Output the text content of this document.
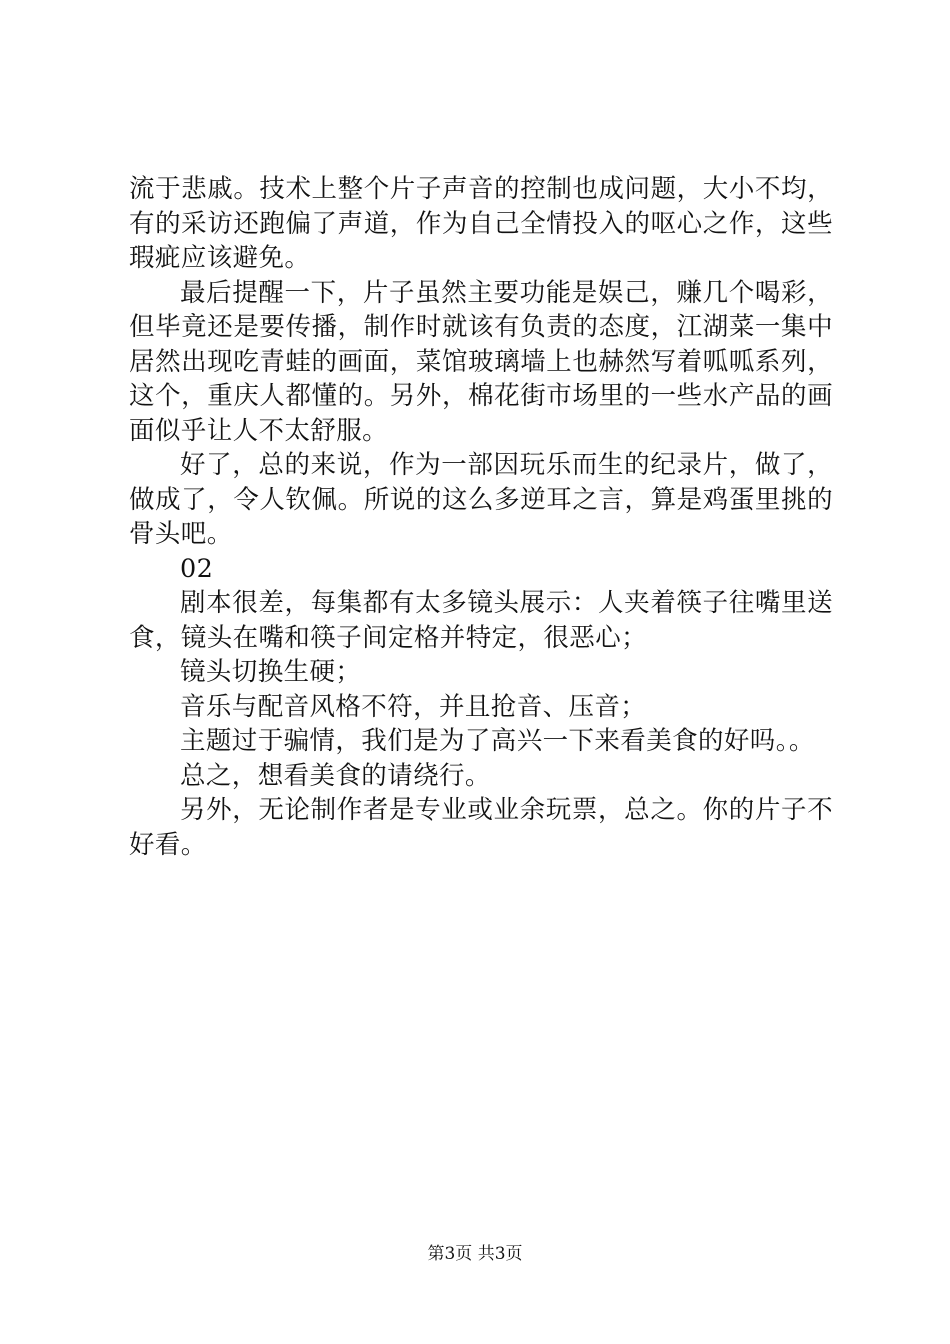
流于悲戚。技术上整个片子声音的控制也成问题，大小不均，有的采访还跑偏了声道，作为自己全情投入的呕心之作，这些瑕疵应该避免。

最后提醒一下，片子虽然主要功能是娱己，赚几个喝彩，但毕竟还是要传播，制作时就该有负责的态度，江湖菜一集中居然出现吃青蛙的画面，菜馆玻璃墙上也赫然写着呱呱系列，这个，重庆人都懂的。另外，棉花街市场里的一些水产品的画面似乎让人不太舒服。

好了，总的来说，作为一部因玩乐而生的纪录片，做了，做成了，令人钦佩。所说的这么多逆耳之言，算是鸡蛋里挑的骨头吧。

02

剧本很差，每集都有太多镜头展示：人夹着筷子往嘴里送食，镜头在嘴和筷子间定格并特定，很恶心；

镜头切换生硬；

音乐与配音风格不符，并且抢音、压音；

主题过于骗情，我们是为了高兴一下来看美食的好吗。。

总之，想看美食的请绕行。

另外，无论制作者是专业或业余玩票，总之。你的片子不好看。

第3页 共3页
